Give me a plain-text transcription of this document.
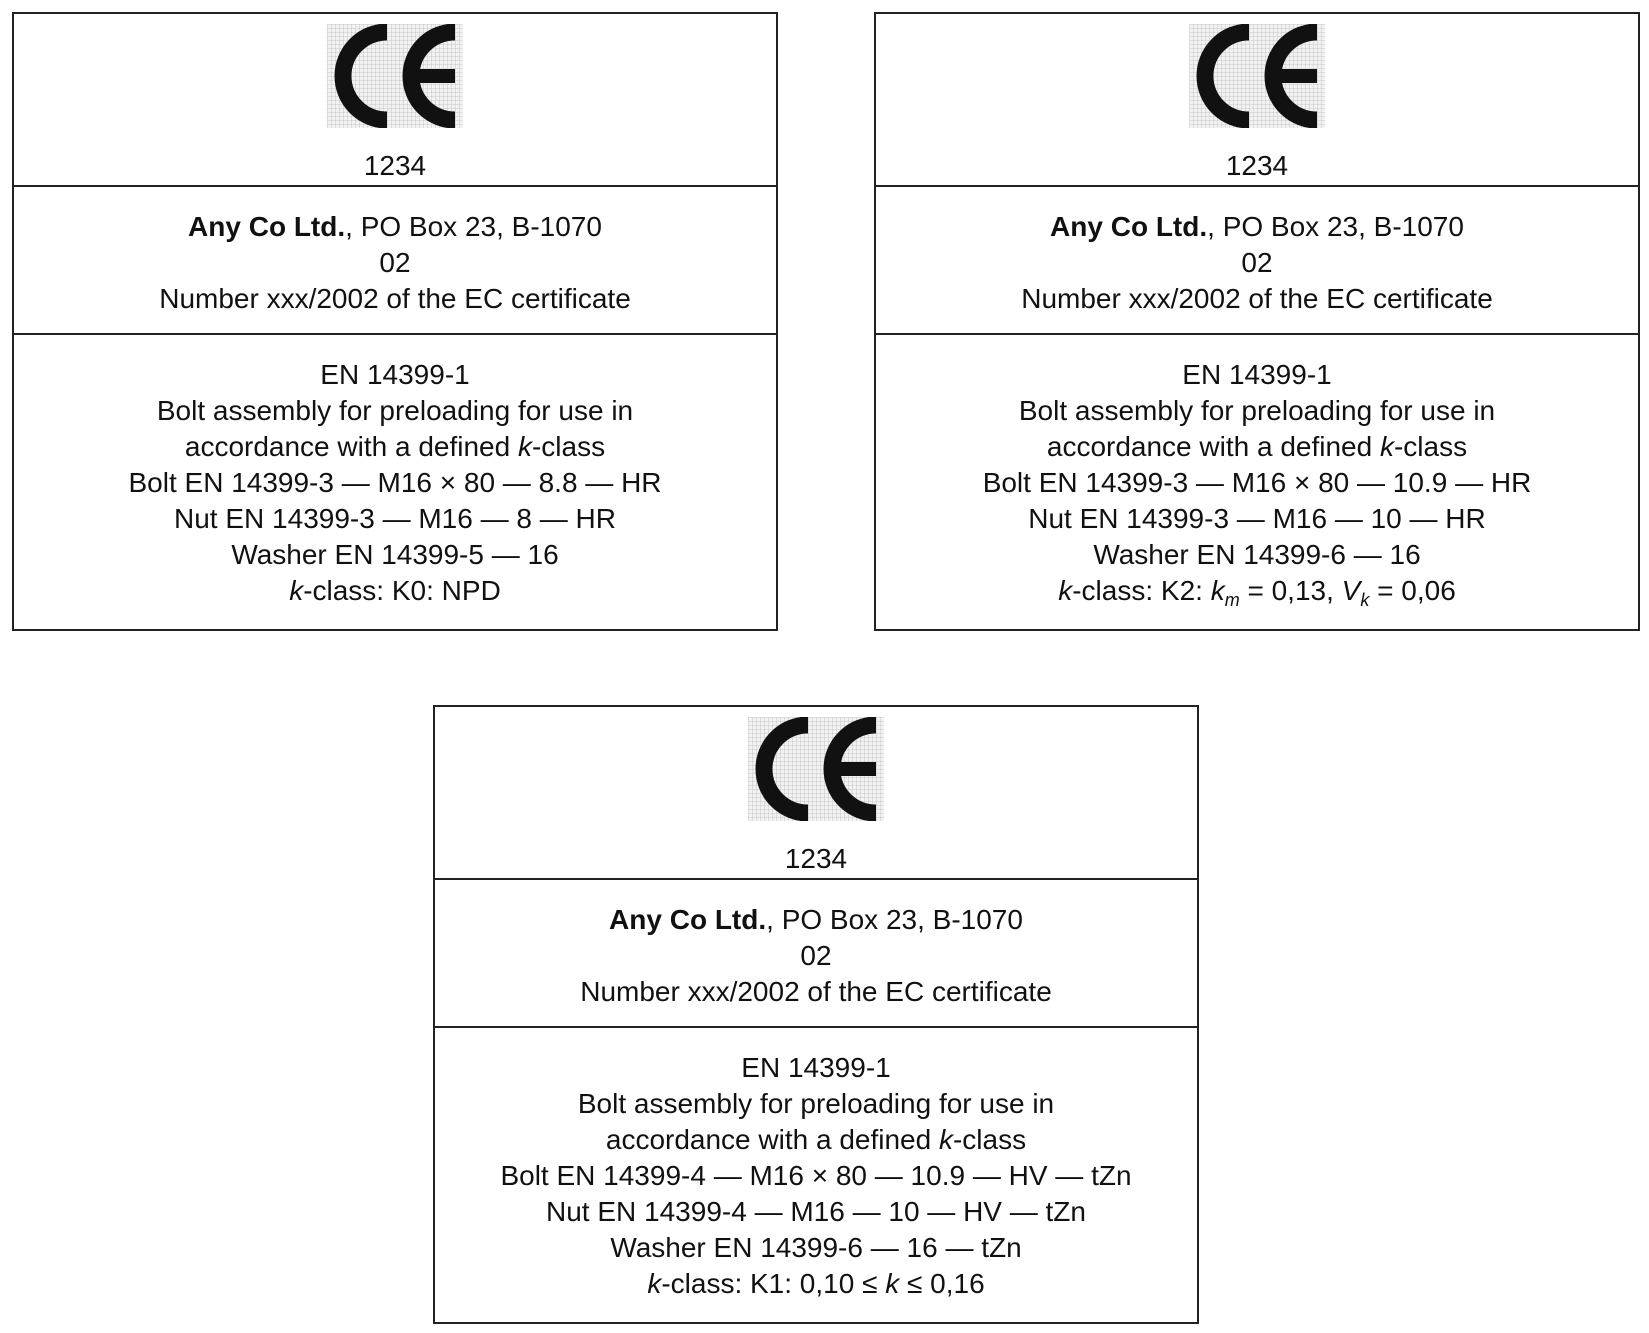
1234
Any Co Ltd., PO Box 23, B-1070
02
Number xxx/2002 of the EC certificate
EN 14399-1
Bolt assembly for preloading for use in
accordance with a defined k-class
Bolt EN 14399-3 — M16 × 80 — 8.8 — HR
Nut EN 14399-3 — M16 — 8 — HR
Washer EN 14399-5 — 16
k-class: K0: NPD
1234
Any Co Ltd., PO Box 23, B-1070
02
Number xxx/2002 of the EC certificate
EN 14399-1
Bolt assembly for preloading for use in
accordance with a defined k-class
Bolt EN 14399-3 — M16 × 80 — 10.9 — HR
Nut EN 14399-3 — M16 — 10 — HR
Washer EN 14399-6 — 16
k-class: K2: $k_m = 0,13$, $V_k = 0,06$
1234
Any Co Ltd., PO Box 23, B-1070
02
Number xxx/2002 of the EC certificate
EN 14399-1
Bolt assembly for preloading for use in
accordance with a defined k-class
Bolt EN 14399-4 — M16 × 80 — 10.9 — HV — tZn
Nut EN 14399-4 — M16 — 10 — HV — tZn
Washer EN 14399-6 — 16 — tZn
k-class: K1: 0,10 ≤ k ≤ 0,16
